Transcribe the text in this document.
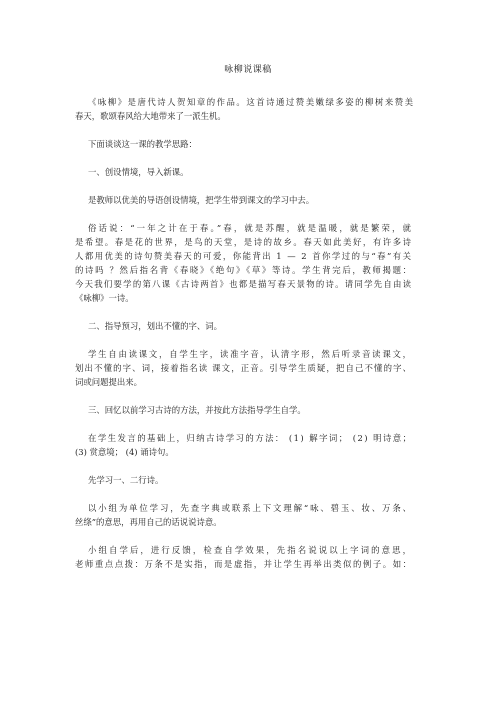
咏柳说课稿
《咏柳》是唐代诗人贺知章的作品。这首诗通过赞美嫩绿多姿的柳树来赞美
春天，歌颂春风给大地带来了一派生机。
下面谈谈这一课的教学思路：
一、创设情境，导入新课。
是教师以优美的导语创设情境，把学生带到课文的学习中去。
俗话说：“一年之计在于春。”春，就是苏醒，就是温暖，就是繁荣，就
是希望。春是花的世界，是鸟的天堂，是诗的故乡。春天如此美好，有许多诗
人都用优美的诗句赞美春天的可爱，你能背出 1 — 2 首你学过的与“春”有关
的诗吗 ？然后指名背《春晓》《绝句》《草》等诗。学生背完后，教师揭题：
今天我们要学的第八课《古诗两首》也都是描写春天景物的诗。请同学先自由读
《咏柳》一诗。
二、指导预习，划出不懂的字、词。
学生自由读课文，自学生字，读准字音，认清字形，然后听录音读课文，
划出不懂的字、词，接着指名读 课文，正音。引导学生质疑，把自己不懂的字、
词或问题提出来。
三、回忆以前学习古诗的方法，并按此方法指导学生自学。
在学生发言的基础上，归纳古诗学习的方法： (1) 解字词； (2) 明诗意；
(3) 赏意境； (4) 诵诗句。
先学习一、二行诗。
以小组为单位学习，先查字典或联系上下文理解“咏、碧玉、妆、万条、
丝绦”的意思，再用自己的话说说诗意。
小组自学后，进行反馈，检查自学效果，先指名说说以上字词的意思，
老师重点点拨：万条不是实指，而是虚指，并让学生再举出类似的例子。如：
